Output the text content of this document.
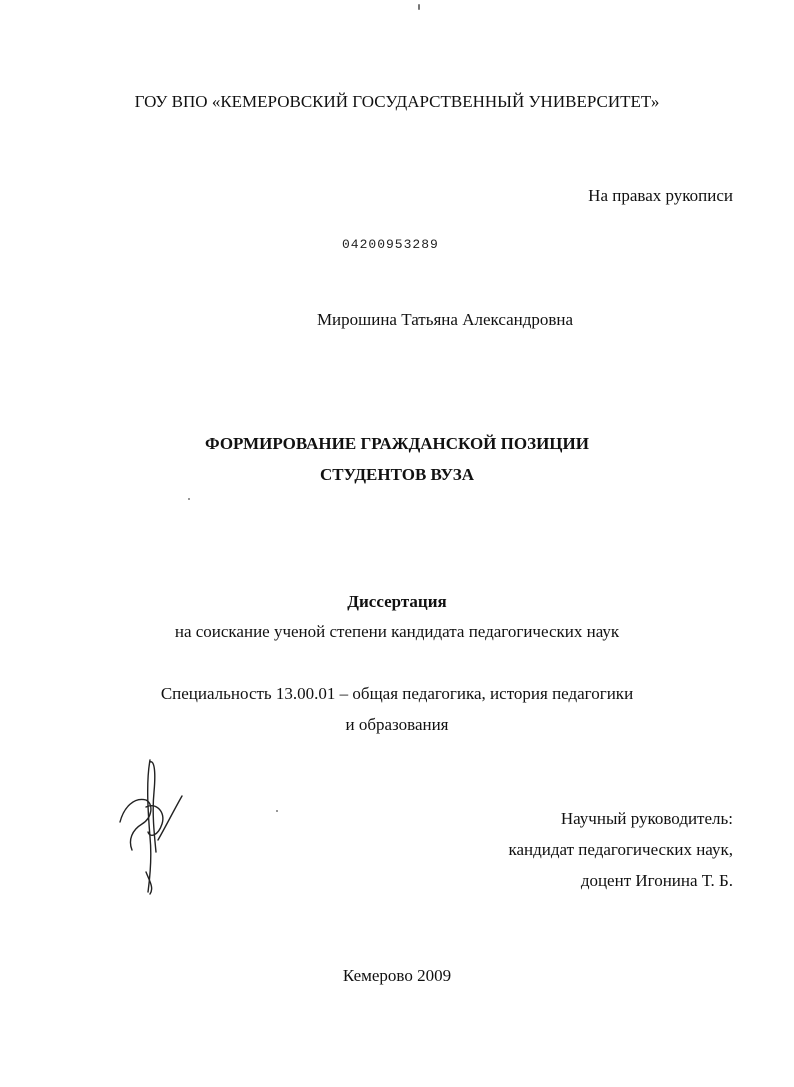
ГОУ ВПО «КЕМЕРОВСКИЙ ГОСУДАРСТВЕННЫЙ УНИВЕРСИТЕТ»
На правах рукописи
04200953289
Мирошина Татьяна Александровна
ФОРМИРОВАНИЕ ГРАЖДАНСКОЙ ПОЗИЦИИ
СТУДЕНТОВ ВУЗА
Диссертация
на соискание ученой степени кандидата педагогических наук
Специальность 13.00.01 – общая педагогика, история педагогики
и образования
Научный руководитель:
кандидат педагогических наук,
доцент Игонина Т. Б.
Кемерово 2009
